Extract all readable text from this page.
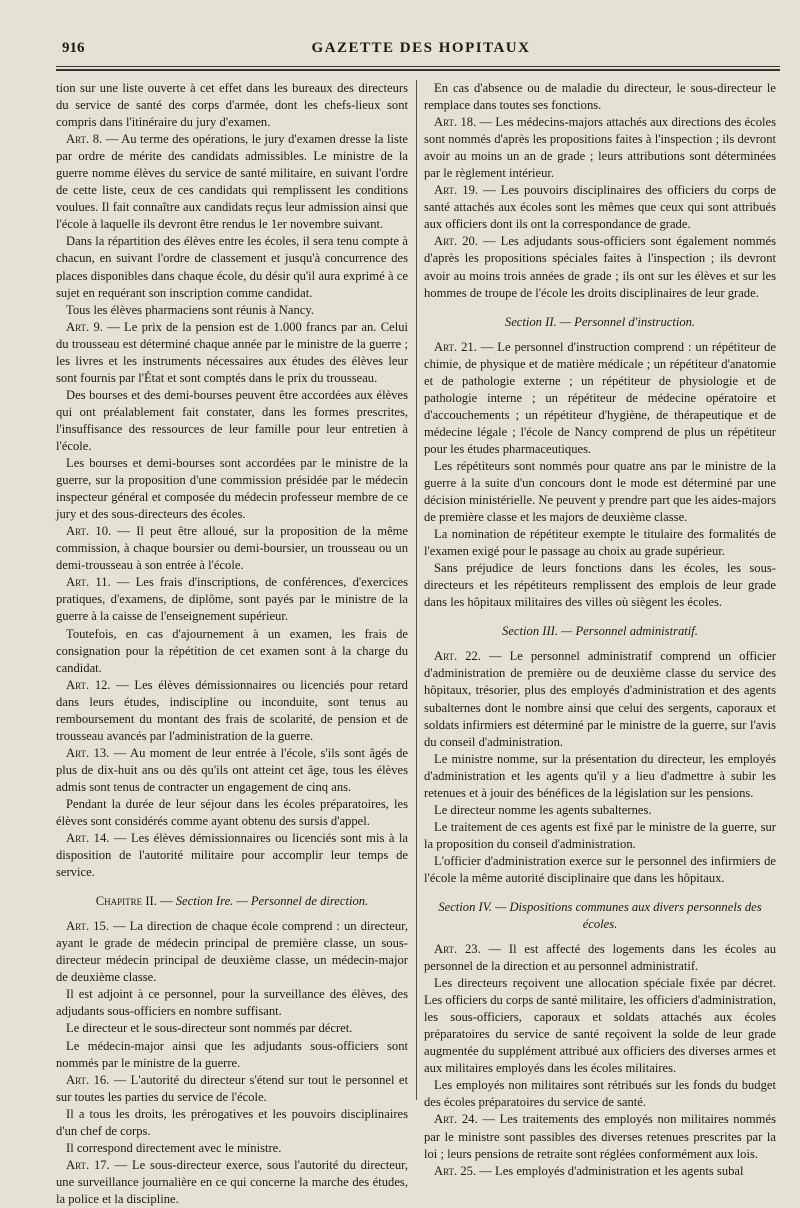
916	GAZETTE DES HOPITAUX

tion sur une liste ouverte à cet effet dans les bureaux des directeurs du service de santé des corps d'armée, dont les chefs-lieux sont compris dans l'itinéraire du jury d'examen.

Art. 8. — Au terme des opérations, le jury d'examen dresse la liste par ordre de mérite des candidats admissibles. Le ministre de la guerre nomme élèves du service de santé militaire, en suivant l'ordre de cette liste, ceux de ces candidats qui remplissent les conditions voulues. Il fait connaître aux candidats reçus leur admission ainsi que l'école à laquelle ils devront être rendus le 1er novembre suivant.

Dans la répartition des élèves entre les écoles, il sera tenu compte à chacun, en suivant l'ordre de classement et jusqu'à concurrence des places disponibles dans chaque école, du désir qu'il aura exprimé à ce sujet en requérant son inscription comme candidat.

Tous les élèves pharmaciens sont réunis à Nancy.

Art. 9. — Le prix de la pension est de 1.000 francs par an. Celui du trousseau est déterminé chaque année par le ministre de la guerre ; les livres et les instruments nécessaires aux études des élèves leur sont fournis par l'État et sont comptés dans le prix du trousseau.

Des bourses et des demi-bourses peuvent être accordées aux élèves qui ont préalablement fait constater, dans les formes prescrites, l'insuffisance des ressources de leur famille pour leur entretien à l'école.

Les bourses et demi-bourses sont accordées par le ministre de la guerre, sur la proposition d'une commission présidée par le médecin inspecteur général et composée du médecin professeur membre de ce jury et des sous-directeurs des écoles.

Art. 10. — Il peut être alloué, sur la proposition de la même commission, à chaque boursier ou demi-boursier, un trousseau ou un demi-trousseau à son entrée à l'école.

Art. 11. — Les frais d'inscriptions, de conférences, d'exercices pratiques, d'examens, de diplôme, sont payés par le ministre de la guerre à la caisse de l'enseignement supérieur.

Toutefois, en cas d'ajournement à un examen, les frais de consignation pour la répétition de cet examen sont à la charge du candidat.

Art. 12. — Les élèves démissionnaires ou licenciés pour retard dans leurs études, indiscipline ou inconduite, sont tenus au remboursement du montant des frais de scolarité, de pension et de trousseau avancés par l'administration de la guerre.

Art. 13. — Au moment de leur entrée à l'école, s'ils sont âgés de plus de dix-huit ans ou dès qu'ils ont atteint cet âge, tous les élèves admis sont tenus de contracter un engagement de cinq ans.

Pendant la durée de leur séjour dans les écoles préparatoires, les élèves sont considérés comme ayant obtenu des sursis d'appel.

Art. 14. — Les élèves démissionnaires ou licenciés sont mis à la disposition de l'autorité militaire pour accomplir leur temps de service.

Chapitre II. — Section Ire. — Personnel de direction.

Art. 15. — La direction de chaque école comprend : un directeur, ayant le grade de médecin principal de première classe, un sous-directeur médecin principal de deuxième classe, un médecin-major de deuxième classe.

Il est adjoint à ce personnel, pour la surveillance des élèves, des adjudants sous-officiers en nombre suffisant.

Le directeur et le sous-directeur sont nommés par décret.

Le médecin-major ainsi que les adjudants sous-officiers sont nommés par le ministre de la guerre.

Art. 16. — L'autorité du directeur s'étend sur tout le personnel et sur toutes les parties du service de l'école.

Il a tous les droits, les prérogatives et les pouvoirs disciplinaires d'un chef de corps.

Il correspond directement avec le ministre.

Art. 17. — Le sous-directeur exerce, sous l'autorité du directeur, une surveillance journalière en ce qui concerne la marche des études, la police et la discipline.

En cas d'absence ou de maladie du directeur, le sous-directeur le remplace dans toutes ses fonctions.

Art. 18. — Les médecins-majors attachés aux directions des écoles sont nommés d'après les propositions faites à l'inspection ; ils devront avoir au moins un an de grade ; leurs attributions sont déterminées par le règlement intérieur.

Art. 19. — Les pouvoirs disciplinaires des officiers du corps de santé attachés aux écoles sont les mêmes que ceux qui sont attribués aux officiers dont ils ont la correspondance de grade.

Art. 20. — Les adjudants sous-officiers sont également nommés d'après les propositions spéciales faites à l'inspection ; ils devront avoir au moins trois années de grade ; ils ont sur les élèves et sur les hommes de troupe de l'école les droits disciplinaires de leur grade.

Section II. — Personnel d'instruction.

Art. 21. — Le personnel d'instruction comprend : un répétiteur de chimie, de physique et de matière médicale ; un répétiteur d'anatomie et de pathologie externe ; un répétiteur de physiologie et de pathologie interne ; un répétiteur de médecine opératoire et d'accouchements ; un répétiteur d'hygiène, de thérapeutique et de médecine légale ; l'école de Nancy comprend de plus un répétiteur pour les études pharmaceutiques.

Les répétiteurs sont nommés pour quatre ans par le ministre de la guerre à la suite d'un concours dont le mode est déterminé par une décision ministérielle. Ne peuvent y prendre part que les aides-majors de première classe et les majors de deuxième classe.

La nomination de répétiteur exempte le titulaire des formalités de l'examen exigé pour le passage au choix au grade supérieur.

Sans préjudice de leurs fonctions dans les écoles, les sous-directeurs et les répétiteurs remplissent des emplois de leur grade dans les hôpitaux militaires des villes où siègent les écoles.

Section III. — Personnel administratif.

Art. 22. — Le personnel administratif comprend un officier d'administration de première ou de deuxième classe du service des hôpitaux, trésorier, plus des employés d'administration et des agents subalternes dont le nombre ainsi que celui des sergents, caporaux et soldats infirmiers est déterminé par le ministre de la guerre, sur l'avis du conseil d'administration.

Le ministre nomme, sur la présentation du directeur, les employés d'administration et les agents qu'il y a lieu d'admettre à subir les retenues et à jouir des bénéfices de la législation sur les pensions.

Le directeur nomme les agents subalternes.

Le traitement de ces agents est fixé par le ministre de la guerre, sur la proposition du conseil d'administration.

L'officier d'administration exerce sur le personnel des infirmiers de l'école la même autorité disciplinaire que dans les hôpitaux.

Section IV. — Dispositions communes aux divers personnels des écoles.

Art. 23. — Il est affecté des logements dans les écoles au personnel de la direction et au personnel administratif.

Les directeurs reçoivent une allocation spéciale fixée par décret. Les officiers du corps de santé militaire, les officiers d'administration, les sous-officiers, caporaux et soldats attachés aux écoles préparatoires du service de santé reçoivent la solde de leur grade augmentée du supplément attribué aux officiers des diverses armes et aux militaires employés dans les écoles militaires.

Les employés non militaires sont rétribués sur les fonds du budget des écoles préparatoires du service de santé.

Art. 24. — Les traitements des employés non militaires nommés par le ministre sont passibles des diverses retenues prescrites par la loi ; leurs pensions de retraite sont réglées conformément aux lois.

Art. 25. — Les employés d'administration et les agents subal
